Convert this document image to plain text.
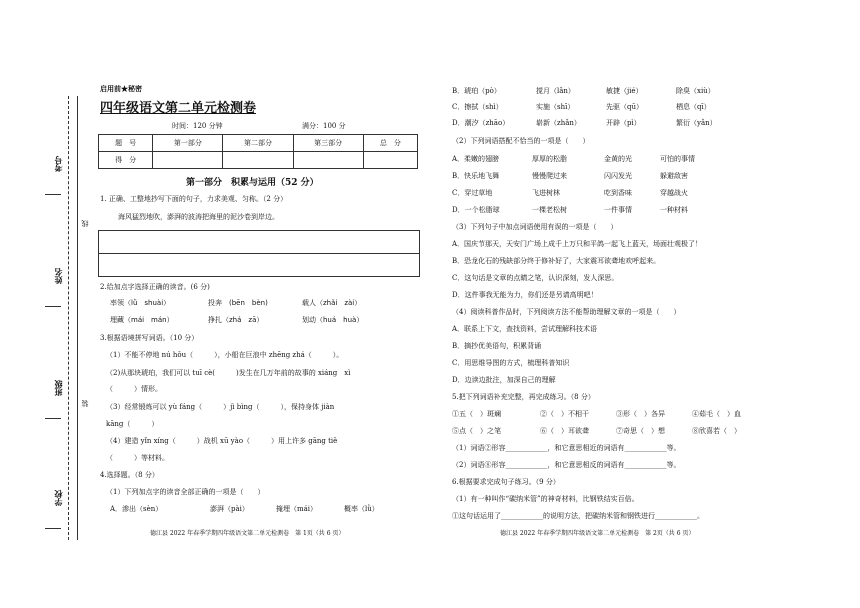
考号
姓名
班级
学校
线
装
启用前★秘密
四年级语文第二单元检测卷
时间：120 分钟	满分：100 分
题　号	第一部分	第二部分	第三部分	总　分
得　分				
第一部分　积累与运用（52 分）
1. 正确、工整地抄写下面的句子，力求美观、匀称。（2 分）
海风猛烈地吹，澎湃的波涛把海里的泥沙卷到岸边。
2.给加点字选择正确的读音。(6 分)
率领（lǜ　shuài）	投奔　(bēn　bèn)	载人（zhǎi　zài）
埋藏（mái　mán）	挣扎（zhá　zā）	划动（huá　huà）
3.根据语境拼写词语。（10 分）
（1）不能不停地 nú hǒu（　　　），小船在巨浪中 zhēng zhá（　　　）。
（2)从那块琥珀，我们可以 tuī cè(　　　)发生在几万年前的故事的 xiáng　xì
（　　　）情形。
（3）经常锻炼可以 yù fáng（　　　）jì bìng（　　　），保持身体 jiàn
kāng（　　　）
（4）建造 yǐn xíng（　　　）战机 xū yào（　　　）用上许多 gāng tiě
（　　　）等材料。
4.选择题。（8 分）
（1）下列加点字的读音全部正确的一项是（　　）
A．渗出（sèn）	澎湃（pài）	掩埋（mái）	概率（lǜ）
德江县 2022 年春季学期四年级语文第二单元检测卷　第 1页（共 6 页）
B．琥珀（pò）	搅月（lǎn）	敏捷（jié）	除臭（xiù）
C．擦拭（shì）	实施（shī）	先驱（qū）	栖息（qī）
D．潮汐（zhāo）	崭新（zhǎn）	开辟（pì）	繁衍（yǎn）
（2）下列词语搭配不恰当的一项是（　　）
A．柔嫩的翅膀	厚厚的松脂	金黄的光	可怕的事情
B．快乐地飞舞	慢慢爬过来	闪闪发光	躲避敌害
C．穿过草地	飞进树林	吃到香味	穿越战火
D．一个松脂球	一棵老松树	一件事情	一种材料
（3）下列句子中加点词语使用有误的一项是（　　）
A．国庆节那天，天安门广场上成千上万只和平鸽一起飞上蓝天，场面壮观极了！
B．恐龙化石的残缺部分终于修补好了，大家震耳欲聋地欢呼起来。
C．这句话是文章的点睛之笔，认识深刻，发人深思。
D．这件事我无能为力，你们还是另请高明吧！
（4）阅读科普作品时，下列阅读方法不能帮助理解文章的一项是（　　）
A．联系上下文，查找资料，尝试理解科技术语
B．摘抄优美语句，积累背诵
C．用思维导图的方式，梳理科普知识
D．边读边批注，加深自己的理解
5.把下列词语补充完整，再完成练习。（8 分）
①五（　）斑斓	②（　）不相干	③形（　）各异	④茹毛（　）血
⑤点（　）之笔	⑥（　）耳欲聋	⑦奇思（　）想	⑧欣喜若（　）
（1）词语②形容____________，和它意思相近的词语有____________等。
（2）词语⑧形容____________，和它意思相反的词语有____________等。
6.根据要求完成句子练习。（9 分）
（1）有一种叫作“碳纳米管”的神奇材料，比钢铁结实百倍。
①这句话运用了____________的说明方法，把碳纳米管和钢铁进行____________。
德江县 2022 年春季学期四年级语文第二单元检测卷　第 2页（共 6 页）
